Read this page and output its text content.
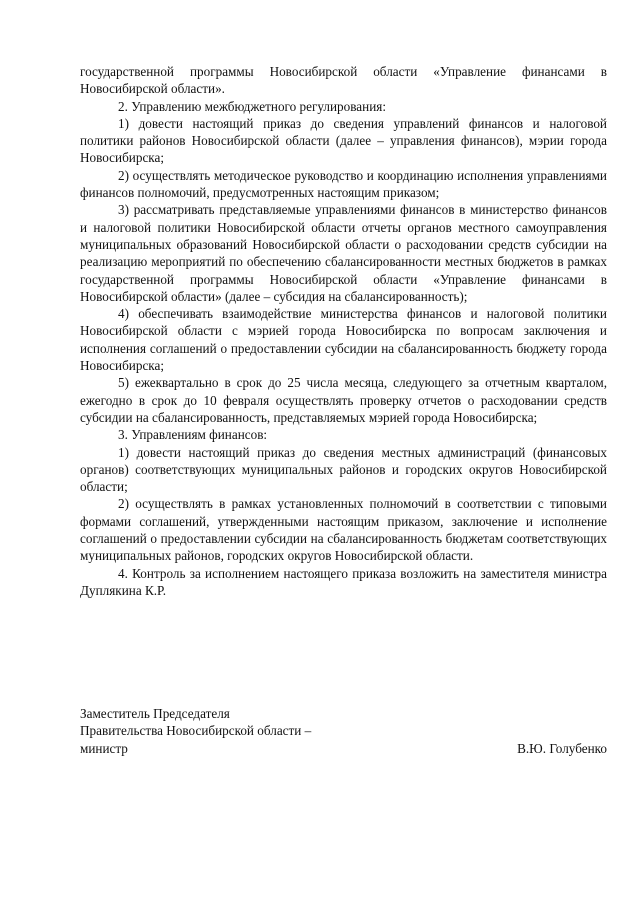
государственной программы Новосибирской области «Управление финансами в Новосибирской области».

2. Управлению межбюджетного регулирования:

1) довести настоящий приказ до сведения управлений финансов и налоговой политики районов Новосибирской области (далее – управления финансов), мэрии города Новосибирска;

2) осуществлять методическое руководство и координацию исполнения управлениями финансов полномочий, предусмотренных настоящим приказом;

3) рассматривать представляемые управлениями финансов в министерство финансов и налоговой политики Новосибирской области отчеты органов местного самоуправления муниципальных образований Новосибирской области о расходовании средств субсидии на реализацию мероприятий по обеспечению сбалансированности местных бюджетов в рамках государственной программы Новосибирской области «Управление финансами в Новосибирской области» (далее – субсидия на сбалансированность);

4) обеспечивать взаимодействие министерства финансов и налоговой политики Новосибирской области с мэрией города Новосибирска по вопросам заключения и исполнения соглашений о предоставлении субсидии на сбалансированность бюджету города Новосибирска;

5) ежеквартально в срок до 25 числа месяца, следующего за отчетным кварталом, ежегодно в срок до 10 февраля осуществлять проверку отчетов о расходовании средств субсидии на сбалансированность, представляемых мэрией города Новосибирска;

3. Управлениям финансов:

1) довести настоящий приказ до сведения местных администраций (финансовых органов) соответствующих муниципальных районов и городских округов Новосибирской области;

2) осуществлять в рамках установленных полномочий в соответствии с типовыми формами соглашений, утвержденными настоящим приказом, заключение и исполнение соглашений о предоставлении субсидии на сбалансированность бюджетам соответствующих муниципальных районов, городских округов Новосибирской области.

4. Контроль за исполнением настоящего приказа возложить на заместителя министра Дуплякина К.Р.

Заместитель Председателя

Правительства Новосибирской области –

министр	В.Ю. Голубенко
